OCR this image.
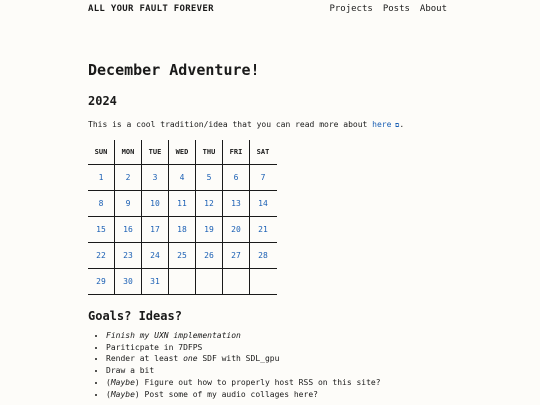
ALL YOUR FAULT FOREVER	Projects Posts About
December Adventure!
2024

This is a cool tradition/idea that you can read more about here ⧉.

SUN	MON	TUE	WED	THU	FRI	SAT
1	2	3	4	5	6	7
8	9	10	11	12	13	14
15	16	17	18	19	20	21
22	23	24	25	26	27	28
29	30	31				
Goals? Ideas?
• Finish my UXN implementation
• Pariticpate in 7DFPS
• Render at least one SDF with SDL_gpu
• Draw a bit
• (Maybe) Figure out how to properly host RSS on this site?
• (Maybe) Post some of my audio collages here?
